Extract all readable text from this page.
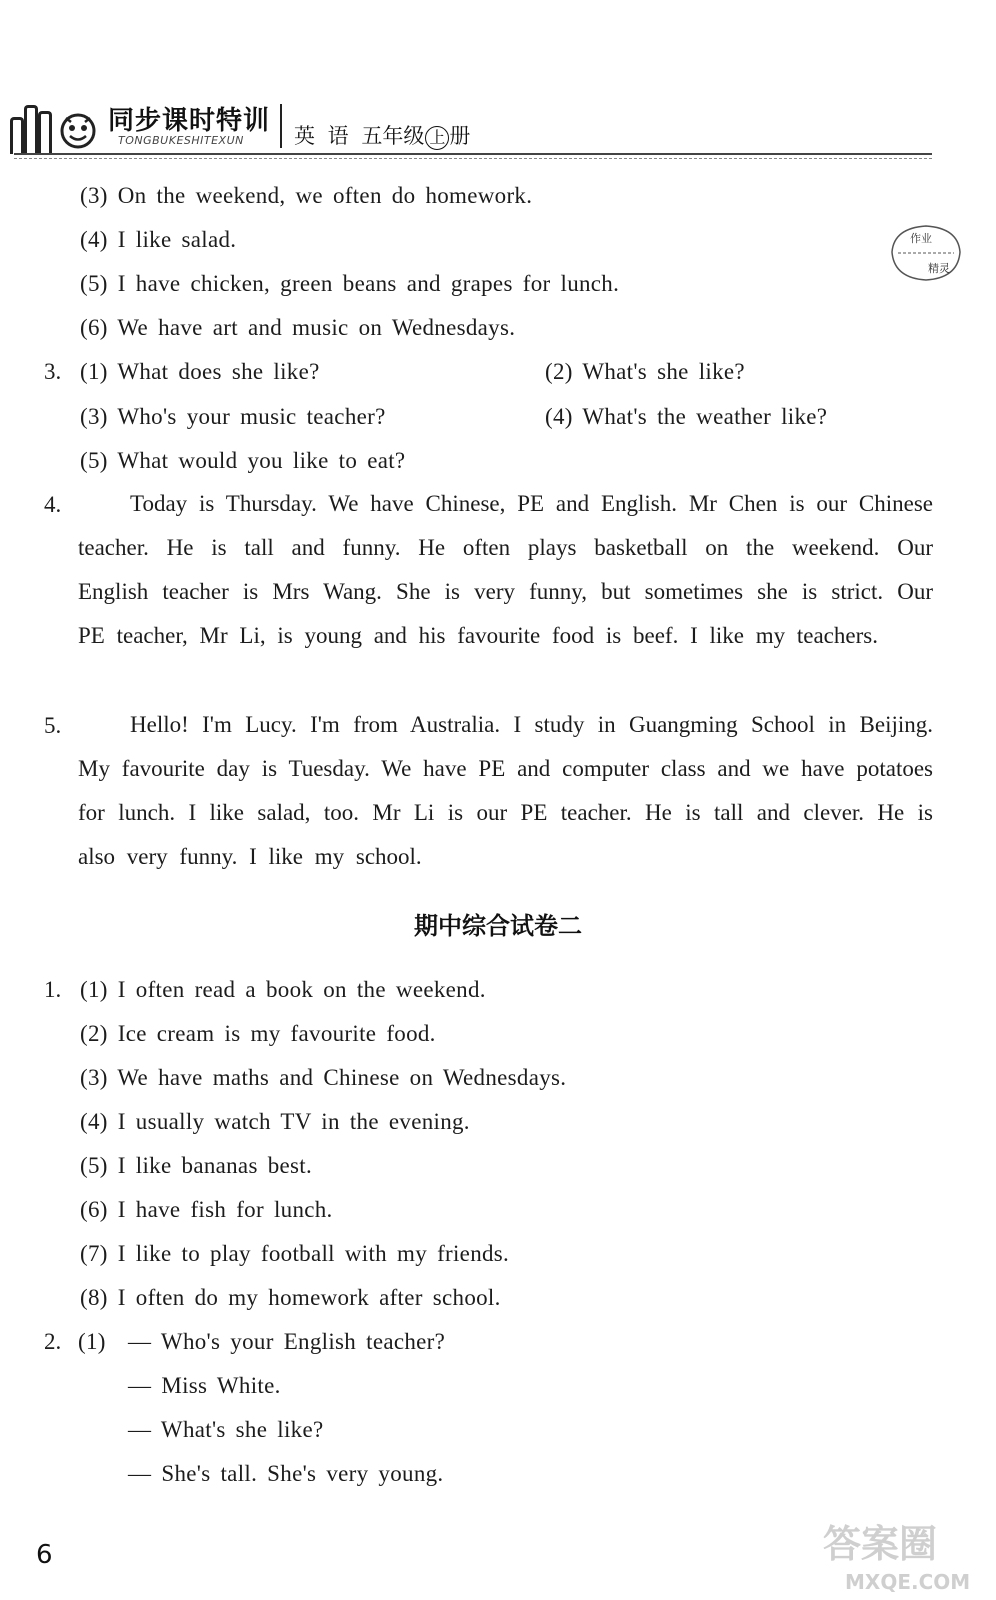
同步课时特训
TONGBUKESHITEXUN 英 语 五年级 上 册
作业
精灵
(3) On the weekend, we often do homework.
(4) I like salad.
(5) I have chicken, green beans and grapes for lunch.
(6) We have art and music on Wednesdays.
3. (1) What does she like?	(2) What's she like?
(3) Who's your music teacher?	(4) What's the weather like?
(5) What would you like to eat?
4.	Today is Thursday. We have Chinese, PE and English. Mr Chen is our Chinese teacher. He is tall and funny. He often plays basketball on the weekend. Our English teacher is Mrs Wang. She is very funny, but sometimes she is strict. Our PE teacher, Mr Li, is young and his favourite food is beef. I like my teachers.
5.	Hello! I'm Lucy. I'm from Australia. I study in Guangming School in Beijing. My favourite day is Tuesday. We have PE and computer class and we have potatoes for lunch. I like salad, too. Mr Li is our PE teacher. He is tall and clever. He is also very funny. I like my school.
期中综合试卷二
1. (1) I often read a book on the weekend.
(2) Ice cream is my favourite food.
(3) We have maths and Chinese on Wednesdays.
(4) I usually watch TV in the evening.
(5) I like bananas best.
(6) I have fish for lunch.
(7) I like to play football with my friends.
(8) I often do my homework after school.
2. (1) — Who's your English teacher?
— Miss White.
— What's she like?
— She's tall. She's very young.
6	答案圈
MXQE.COM
